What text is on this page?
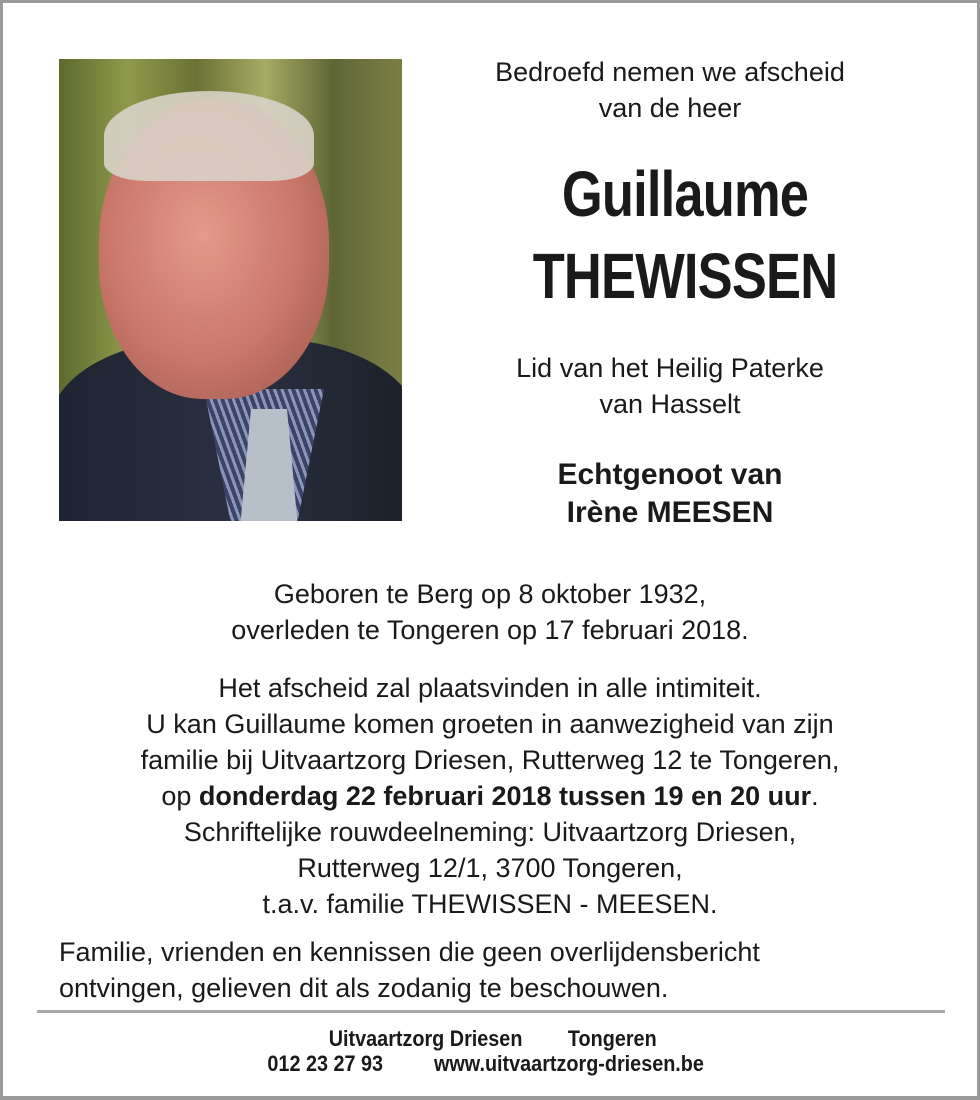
Bedroefd nemen we afscheid
van de heer
Guillaume
THEWISSEN
Lid van het Heilig Paterke
van Hasselt
Echtgenoot van
Irène MEESEN
Geboren te Berg op 8 oktober 1932,
overleden te Tongeren op 17 februari 2018.
Het afscheid zal plaatsvinden in alle intimiteit.
U kan Guillaume komen groeten in aanwezigheid van zijn
familie bij Uitvaartzorg Driesen, Rutterweg 12 te Tongeren,
op donderdag 22 februari 2018 tussen 19 en 20 uur.
Schriftelijke rouwdeelneming: Uitvaartzorg Driesen,
Rutterweg 12/1, 3700 Tongeren,
t.a.v. familie THEWISSEN - MEESEN.
Familie, vrienden en kennissen die geen overlijdensbericht
ontvingen, gelieven dit als zodanig te beschouwen.
Uitvaartzorg Driesen Tongeren
012 23 27 93 www.uitvaartzorg-driesen.be
